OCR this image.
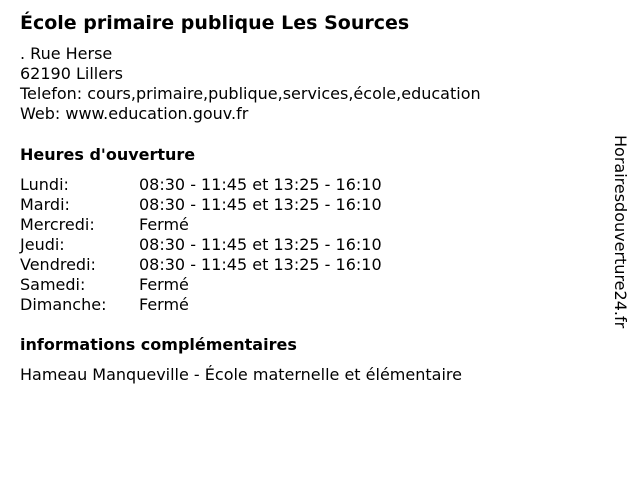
École primaire publique Les Sources
. Rue Herse
62190 Lillers
Telefon: cours,primaire,publique,services,école,education
Web: www.education.gouv.fr
Heures d'ouverture
Lundi:	08:30 - 11:45 et 13:25 - 16:10
Mardi:	08:30 - 11:45 et 13:25 - 16:10
Mercredi:	Fermé
Jeudi:	08:30 - 11:45 et 13:25 - 16:10
Vendredi:	08:30 - 11:45 et 13:25 - 16:10
Samedi:	Fermé
Dimanche:	Fermé
informations complémentaires
Hameau Manqueville - École maternelle et élémentaire
Horairesdouverture24.fr
